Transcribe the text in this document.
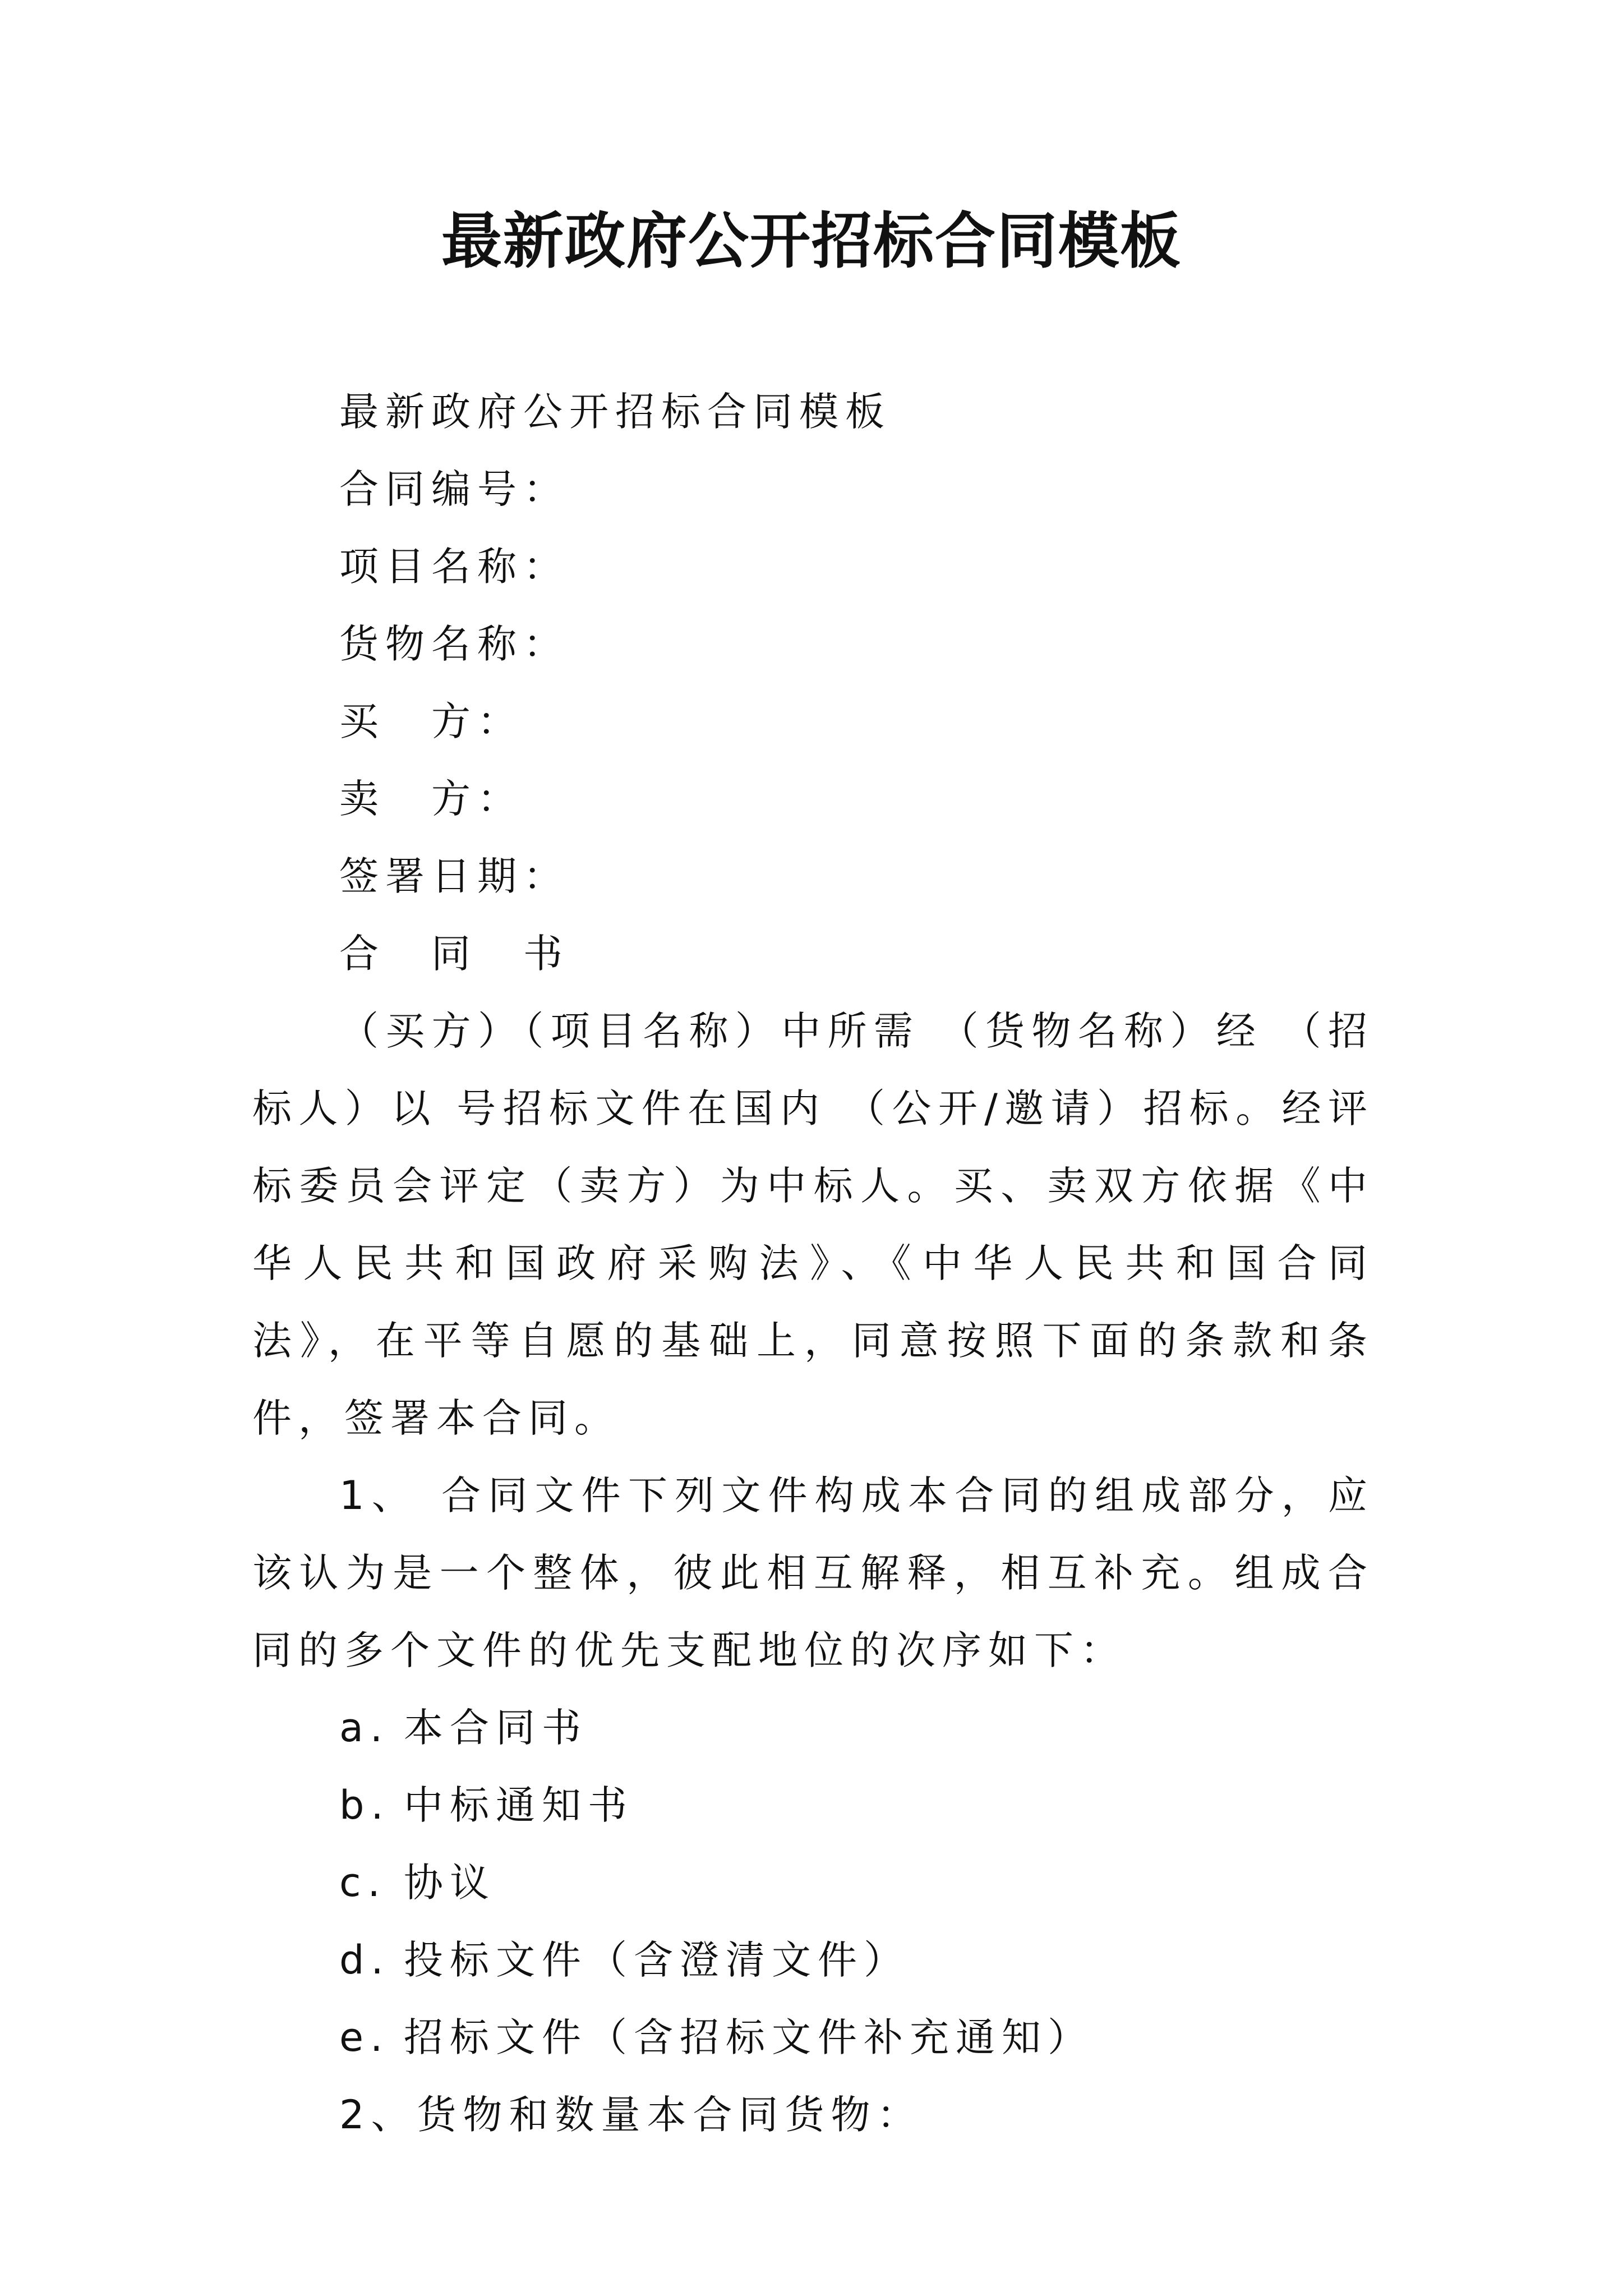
最新政府公开招标合同模板

最新政府公开招标合同模板

合同编号：

项目名称：

货物名称：

买　方：

卖　方：

签署日期：

合　同　书

（买方）（项目名称）中所需 （货物名称）经 （招标人）以 号招标文件在国内 （公开/邀请）招标。经评标委员会评定（卖方）为中标人。买、卖双方依据《中华人民共和国政府采购法》、《中华人民共和国合同法》，在平等自愿的基础上，同意按照下面的条款和条件，签署本合同。

1、 合同文件下列文件构成本合同的组成部分，应该认为是一个整体，彼此相互解释，相互补充。组成合同的多个文件的优先支配地位的次序如下：

a. 本合同书

b. 中标通知书

c. 协议

d. 投标文件（含澄清文件）

e. 招标文件（含招标文件补充通知）

2、货物和数量本合同货物：
